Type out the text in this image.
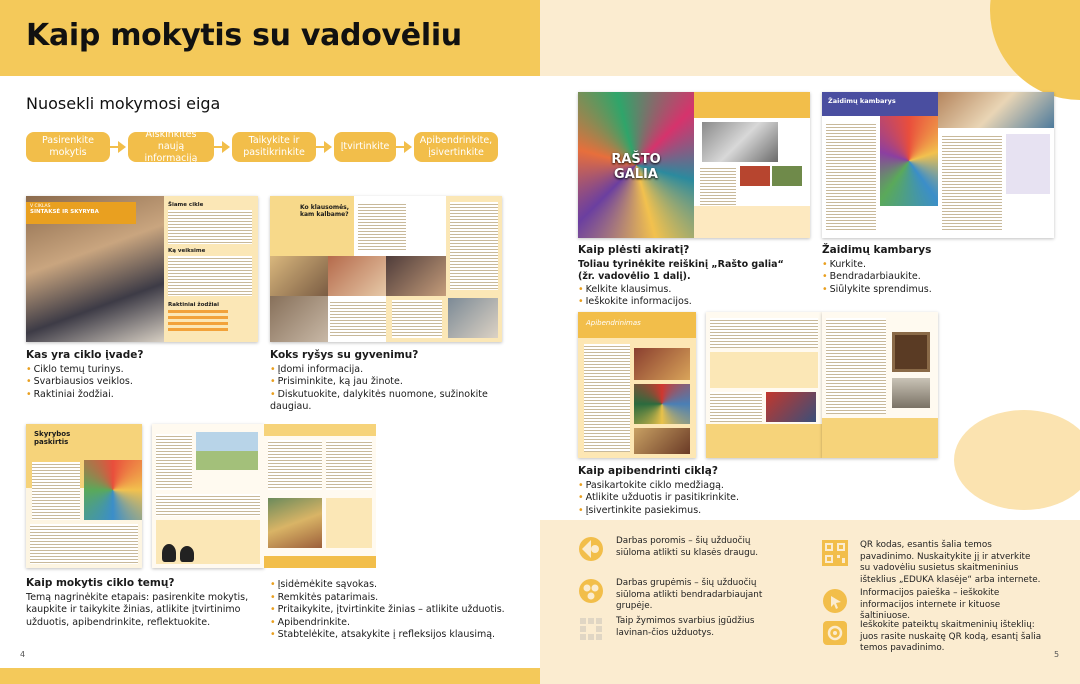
Kaip mokytis su vadovėliu
Nuosekli mokymosi eiga
Pasirenkite mokytis
Aiškinkitės naują informaciją
Taikykite ir pasitikrinkite
Įtvirtinkite
Apibendrinkite, įsivertinkite
V CIKLAS
SINTAKSĖ IR SKYRYBA
Šiame cikle
Ką veiksime
Raktiniai žodžiai
Ko klausomės, kam kalbame?
Kas yra ciklo įvade?
• Ciklo temų turinys.
• Svarbiausios veiklos.
• Raktiniai žodžiai.
Koks ryšys su gyvenimu?
• Įdomi informacija.
• Prisiminkite, ką jau žinote.
• Diskutuokite, dalykitės nuomone, sužinokite daugiau.
Skyrybos paskirtis
Kaip mokytis ciklo temų?

Temą nagrinėkite etapais: pasirenkite mokytis, kaupkite ir taikykite žinias, atlikite įtvirtinimo užduotis, apibendrinkite, reflektuokite.

• Įsidėmėkite sąvokas.
• Remkitės patarimais.
• Pritaikykite, įtvirtinkite žinias – atlikite užduotis.
• Apibendrinkite.
• Stabtelėkite, atsakykite į refleksijos klausimą.
RAŠTO GALIA
Žaidimų kambarys
Kaip plėsti akiratį?
Toliau tyrinėkite reiškinį „Rašto galia“
(žr. vadovėlio 1 dalį).
• Kelkite klausimus.
• Ieškokite informacijos.
Žaidimų kambarys
• Kurkite.
• Bendradarbiaukite.
• Siūlykite sprendimus.
Apibendrinimas
Kaip apibendrinti ciklą?
• Pasikartokite ciklo medžiagą.
• Atlikite užduotis ir pasitikrinkite.
• Įsivertinkite pasiekimus.
Darbas poromis – šių užduočių siūloma atlikti su klasės draugu.
Darbas grupėmis – šių užduočių siūloma atlikti bendradarbiaujant grupėje.
Taip žymimos svarbius įgūdžius lavinan-čios užduotys.
QR kodas, esantis šalia temos pavadinimo. Nuskaitykite jį ir atverkite su vadovėliu susietus skaitmeninius išteklius „EDUKA klasėje“ arba internete.
Informacijos paieška – ieškokite informacijos internete ir kituose šaltiniuose.
Ieškokite pateiktų skaitmeninių išteklių: juos rasite nuskaitę QR kodą, esantį šalia temos pavadinimo.
4	5
